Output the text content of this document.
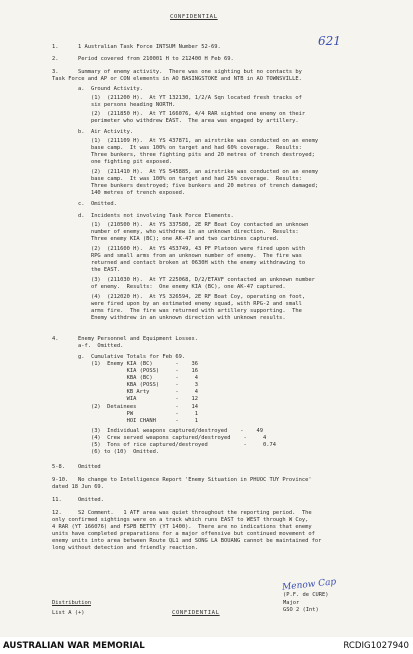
CONFIDENTIAL
621
1.      1 Australian Task Force INTSUM Number 52-69.
2.      Period covered from 210001 H to 212400 H Feb 69.
3.      Summary of enemy activity.  There was one sighting but no contacts by
Task Force and AP or CON elements in AO BASINGSTOKE and NTB in AO TOWNSVILLE.
a.  Ground Activity.
(1)  (211200 H).  At YT 132130, 1/2/A Sqn located fresh tracks of
six persons heading NORTH.
(2)  (211850 H).  At YT 166076, 4/4 RAR sighted one enemy on their
perimeter who withdrew EAST.  The area was engaged by artillery.
b.  Air Activity.
(1)  (211109 H).  At YS 437871, an airstrike was conducted on an enemy
base camp.  It was 100% on target and had 60% coverage.  Results:
Three bunkers, three fighting pits and 20 metres of trench destroyed;
one fighting pit exposed.
(2)  (211410 H).  At YS 545885, an airstrike was conducted on an enemy
base camp.  It was 100% on target and had 25% coverage.  Results:
Three bunkers destroyed; five bunkers and 20 metres of trench damaged;
140 metres of trench exposed.
c.  Omitted.
d.  Incidents not involving Task Force Elements.
(1)  (210500 H).  At YS 337580, 2E RF Boat Coy contacted an unknown
number of enemy, who withdrew in an unknown direction.  Results:
Three enemy KIA (BC); one AK-47 and two carbines captured.
(2)  (211600 H).  At YS 453749, 43 PF Platoon were fired upon with
RPG and small arms from an unknown number of enemy.  The fire was
returned and contact broken at 0630H with the enemy withdrawing to
the EAST.
(3)  (211030 H).  At YT 225068, D/2/ETAVF contacted an unknown number
of enemy.  Results:  One enemy KIA (BC), one AK-47 captured.
(4)  (212020 H).  At YS 326594, 2E RF Boat Coy, operating on foot,
were fired upon by an estimated enemy squad, with RPG-2 and small
arms fire.  The fire was returned with artillery supporting.  The
Enemy withdrew in an unknown direction with unknown results.
4.      Enemy Personnel and Equipment Losses.
a-f.  Omitted.
g.  Cumulative Totals for Feb 69.
(1)  Enemy KIA (BC)       -    36
KIA (POSS)     -    16
KBA (BC)       -     4
KBA (POSS)     -     3
KB Arty        -     4
WIA            -    12
(2)  Detainees            -    14
PW             -     1
HOI CHANH      -     1
(3)  Individual weapons captured/destroyed    -    49
(4)  Crew served weapons captured/destroyed    -     4
(5)  Tons of rice captured/destroyed           -     0.74
(6) to (10)  Omitted.
5-8.    Omitted
9-10.   No change to Intelligence Report 'Enemy Situation in PHUOC TUY Province'
dated 18 Jun 69.
11.     Omitted.
12.     S2 Comment.   1 ATF area was quiet throughout the reporting period.  The
only confirmed sightings were on a track which runs EAST to WEST through W Coy,
4 RAR (YT 166076) and FSPB BETTY (YT 1400).  There are no indications that enemy
units have completed preparations for a major offensive but continued movement of
enemy units into area between Route QL1 and SONG LA BOUANG cannot be maintained for
long without detection and friendly reaction.
Menow Cap
(P.F. de CURE)
Major
GSO 2 (Int)
Distribution
List A (+)	CONFIDENTIAL
AUSTRALIAN WAR MEMORIAL	RCDIG1027940
